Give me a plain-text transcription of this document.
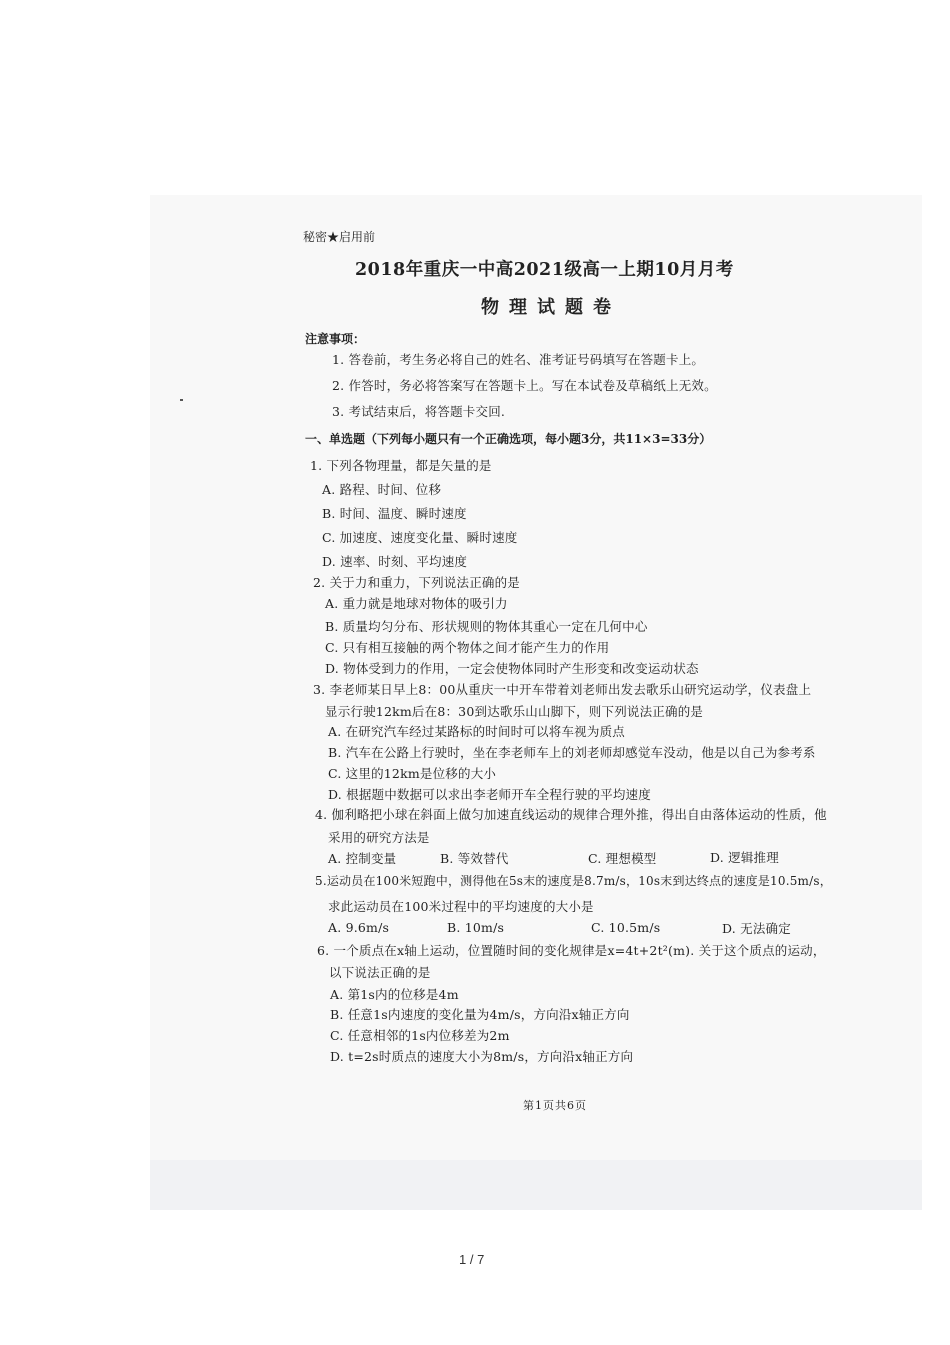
秘密★启用前
2018年重庆一中高2021级高一上期10月月考
物理试题卷
注意事项：
1. 答卷前，考生务必将自己的姓名、准考证号码填写在答题卡上。
2. 作答时，务必将答案写在答题卡上。写在本试卷及草稿纸上无效。
3. 考试结束后，将答题卡交回.
一、单选题（下列每小题只有一个正确选项，每小题3分，共11×3=33分）
1. 下列各物理量，都是矢量的是
A. 路程、时间、位移
B. 时间、温度、瞬时速度
C. 加速度、速度变化量、瞬时速度
D. 速率、时刻、平均速度
2. 关于力和重力，下列说法正确的是
A. 重力就是地球对物体的吸引力
B. 质量均匀分布、形状规则的物体其重心一定在几何中心
C. 只有相互接触的两个物体之间才能产生力的作用
D. 物体受到力的作用，一定会使物体同时产生形变和改变运动状态
3. 李老师某日早上8：00从重庆一中开车带着刘老师出发去歌乐山研究运动学，仪表盘上
显示行驶12km后在8：30到达歌乐山山脚下，则下列说法正确的是
A. 在研究汽车经过某路标的时间时可以将车视为质点
B. 汽车在公路上行驶时，坐在李老师车上的刘老师却感觉车没动，他是以自己为参考系
C. 这里的12km是位移的大小
D. 根据题中数据可以求出李老师开车全程行驶的平均速度
4. 伽利略把小球在斜面上做匀加速直线运动的规律合理外推，得出自由落体运动的性质，他
采用的研究方法是
A. 控制变量	B. 等效替代	C. 理想模型	D. 逻辑推理
5.运动员在100米短跑中，测得他在5s末的速度是8.7m/s，10s末到达终点的速度是10.5m/s，
求此运动员在100米过程中的平均速度的大小是
A. 9.6m/s	B. 10m/s	C. 10.5m/s	D. 无法确定
6. 一个质点在x轴上运动，位置随时间的变化规律是x=4t+2t²(m). 关于这个质点的运动，
以下说法正确的是
A. 第1s内的位移是4m
B. 任意1s内速度的变化量为4m/s，方向沿x轴正方向
C. 任意相邻的1s内位移差为2m
D. t=2s时质点的速度大小为8m/s，方向沿x轴正方向
第1页共6页
1 / 7
